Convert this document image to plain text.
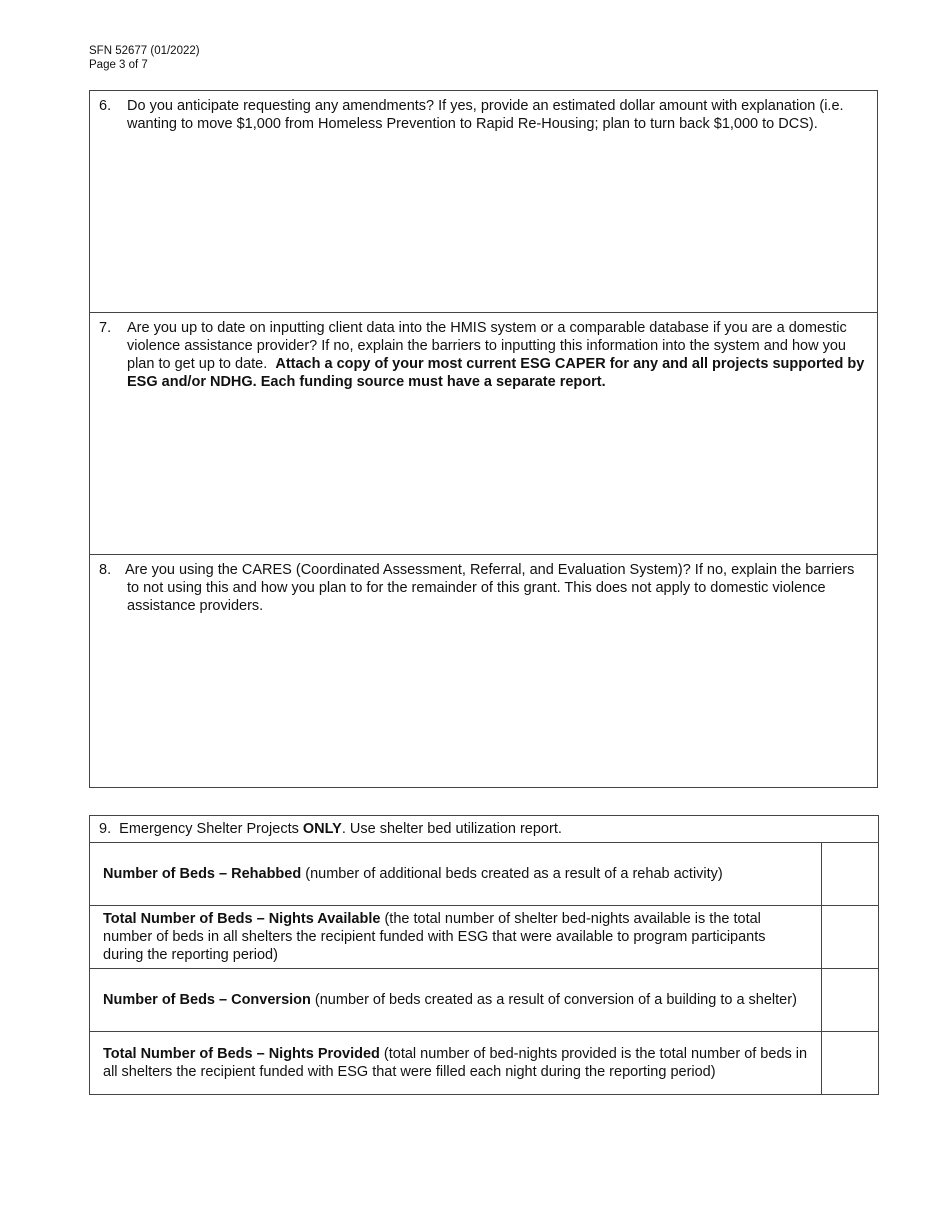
SFN 52677 (01/2022)
Page 3 of 7
6. Do you anticipate requesting any amendments? If yes, provide an estimated dollar amount with explanation (i.e. wanting to move $1,000 from Homeless Prevention to Rapid Re-Housing; plan to turn back $1,000 to DCS).
7. Are you up to date on inputting client data into the HMIS system or a comparable database if you are a domestic violence assistance provider? If no, explain the barriers to inputting this information into the system and how you plan to get up to date. Attach a copy of your most current ESG CAPER for any and all projects supported by ESG and/or NDHG. Each funding source must have a separate report.
8. Are you using the CARES (Coordinated Assessment, Referral, and Evaluation System)? If no, explain the barriers to not using this and how you plan to for the remainder of this grant. This does not apply to domestic violence assistance providers.
9. Emergency Shelter Projects ONLY. Use shelter bed utilization report.	
Number of Beds – Rehabbed (number of additional beds created as a result of a rehab activity)	
Total Number of Beds – Nights Available (the total number of shelter bed-nights available is the total number of beds in all shelters the recipient funded with ESG that were available to program participants during the reporting period)	
Number of Beds – Conversion (number of beds created as a result of conversion of a building to a shelter)	
Total Number of Beds – Nights Provided (total number of bed-nights provided is the total number of beds in all shelters the recipient funded with ESG that were filled each night during the reporting period)	
